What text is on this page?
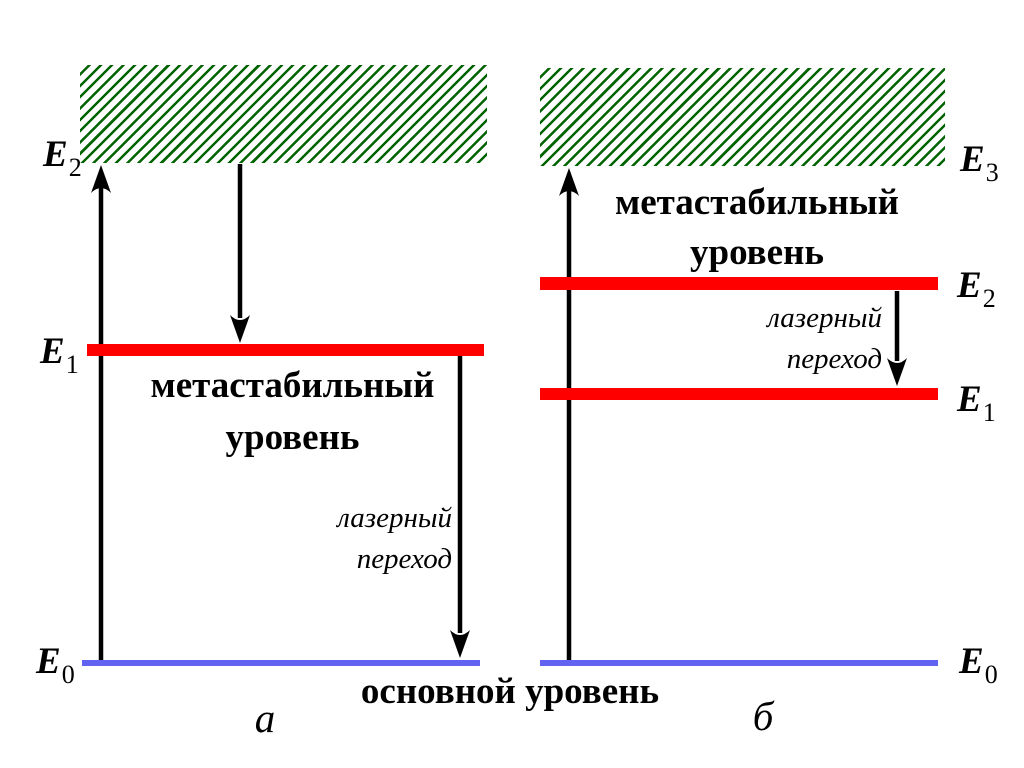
E2
E1
E0
метастабильный
уровень
лазерный
переход
а
основной уровень
E3
E2
E1
E0
метастабильный
уровень
лазерный
переход
б
